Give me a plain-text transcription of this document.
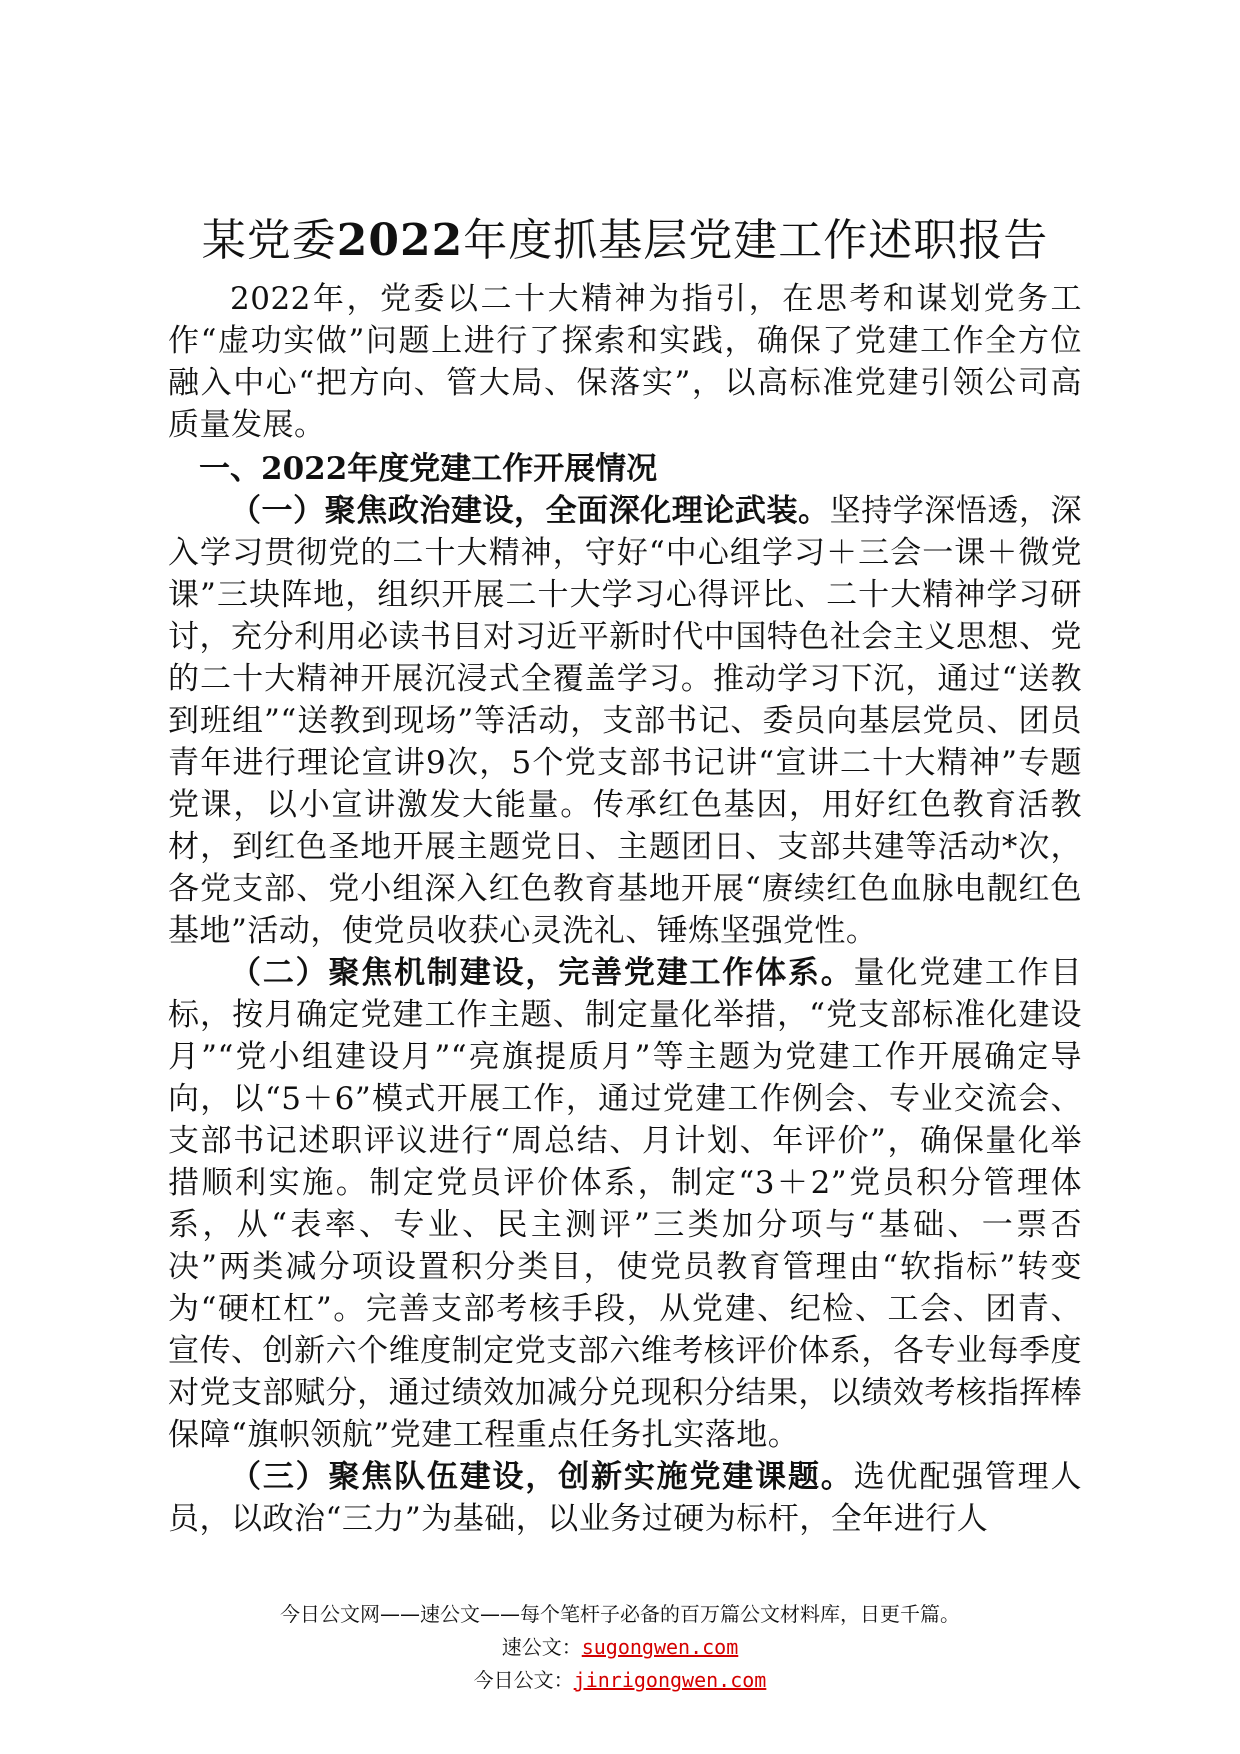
某党委2022年度抓基层党建工作述职报告

2022年，党委以二十大精神为指引，在思考和谋划党务工作“虚功实做”问题上进行了探索和实践，确保了党建工作全方位融入中心“把方向、管大局、保落实”，以高标准党建引领公司高质量发展。

一、2022年度党建工作开展情况

（一）聚焦政治建设，全面深化理论武装。坚持学深悟透，深入学习贯彻党的二十大精神，守好“中心组学习＋三会一课＋微党课”三块阵地，组织开展二十大学习心得评比、二十大精神学习研讨，充分利用必读书目对习近平新时代中国特色社会主义思想、党的二十大精神开展沉浸式全覆盖学习。推动学习下沉，通过“送教到班组”“送教到现场”等活动，支部书记、委员向基层党员、团员青年进行理论宣讲9次，5个党支部书记讲“宣讲二十大精神”专题党课，以小宣讲激发大能量。传承红色基因，用好红色教育活教材，到红色圣地开展主题党日、主题团日、支部共建等活动*次，各党支部、党小组深入红色教育基地开展“赓续红色血脉电靓红色基地”活动，使党员收获心灵洗礼、锤炼坚强党性。

（二）聚焦机制建设，完善党建工作体系。量化党建工作目标，按月确定党建工作主题、制定量化举措，“党支部标准化建设月”“党小组建设月”“亮旗提质月”等主题为党建工作开展确定导向，以“5＋6”模式开展工作，通过党建工作例会、专业交流会、支部书记述职评议进行“周总结、月计划、年评价”，确保量化举措顺利实施。制定党员评价体系，制定“3＋2”党员积分管理体系，从“表率、专业、民主测评”三类加分项与“基础、一票否决”两类减分项设置积分类目，使党员教育管理由“软指标”转变为“硬杠杠”。完善支部考核手段，从党建、纪检、工会、团青、宣传、创新六个维度制定党支部六维考核评价体系，各专业每季度对党支部赋分，通过绩效加减分兑现积分结果，以绩效考核指挥棒保障“旗帜领航”党建工程重点任务扎实落地。

（三）聚焦队伍建设，创新实施党建课题。选优配强管理人员，以政治“三力”为基础，以业务过硬为标杆，全年进行人

今日公文网——速公文——每个笔杆子必备的百万篇公文材料库，日更千篇。
速公文：sugongwen.com
今日公文：jinrigongwen.com
